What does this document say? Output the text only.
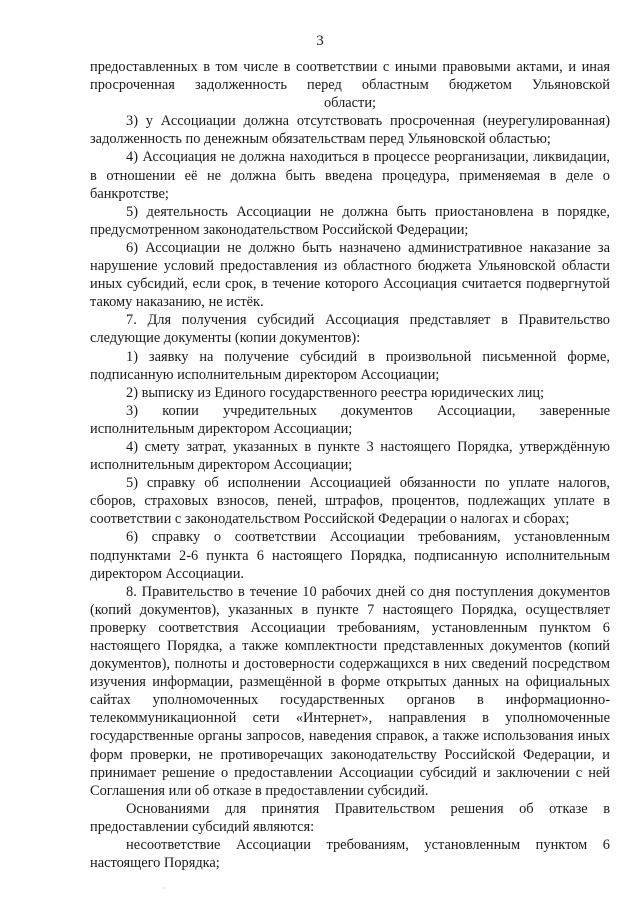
3

предоставленных в том числе в соответствии с иными правовыми актами, и иная просроченная задолженность перед областным бюджетом Ульяновской

области;

3) у Ассоциации должна отсутствовать просроченная (неурегулированная) задолженность по денежным обязательствам перед Ульяновской областью;

4) Ассоциация не должна находиться в процессе реорганизации, ликвидации, в отношении её не должна быть введена процедура, применяемая в деле о банкротстве;

5) деятельность Ассоциации не должна быть приостановлена в порядке, предусмотренном законодательством Российской Федерации;

6) Ассоциации не должно быть назначено административное наказание за нарушение условий предоставления из областного бюджета Ульяновской области иных субсидий, если срок, в течение которого Ассоциация считается подвергнутой такому наказанию, не истёк.

7. Для получения субсидий Ассоциация представляет в Правительство следующие документы (копии документов):

1) заявку на получение субсидий в произвольной письменной форме, подписанную исполнительным директором Ассоциации;

2) выписку из Единого государственного реестра юридических лиц;

3) копии учредительных документов Ассоциации, заверенные исполнительным директором Ассоциации;

4) смету затрат, указанных в пункте 3 настоящего Порядка, утверждённую исполнительным директором Ассоциации;

5) справку об исполнении Ассоциацией обязанности по уплате налогов, сборов, страховых взносов, пеней, штрафов, процентов, подлежащих уплате в соответствии с законодательством Российской Федерации о налогах и сборах;

6) справку о соответствии Ассоциации требованиям, установленным подпунктами 2-6 пункта 6 настоящего Порядка, подписанную исполнительным директором Ассоциации.

8. Правительство в течение 10 рабочих дней со дня поступления документов (копий документов), указанных в пункте 7 настоящего Порядка, осуществляет проверку соответствия Ассоциации требованиям, установленным пунктом 6 настоящего Порядка, а также комплектности представленных документов (копий документов), полноты и достоверности содержащихся в них сведений посредством изучения информации, размещённой в форме открытых данных на официальных сайтах уполномоченных государственных органов в информационно-телекоммуникационной сети «Интернет», направления в уполномоченные государственные органы запросов, наведения справок, а также использования иных форм проверки, не противоречащих законодательству Российской Федерации, и принимает решение о предоставлении Ассоциации субсидий и заключении с ней Соглашения или об отказе в предоставлении субсидий.

Основаниями для принятия Правительством решения об отказе в предоставлении субсидий являются:

несоответствие Ассоциации требованиям, установленным пунктом 6 настоящего Порядка;

·
